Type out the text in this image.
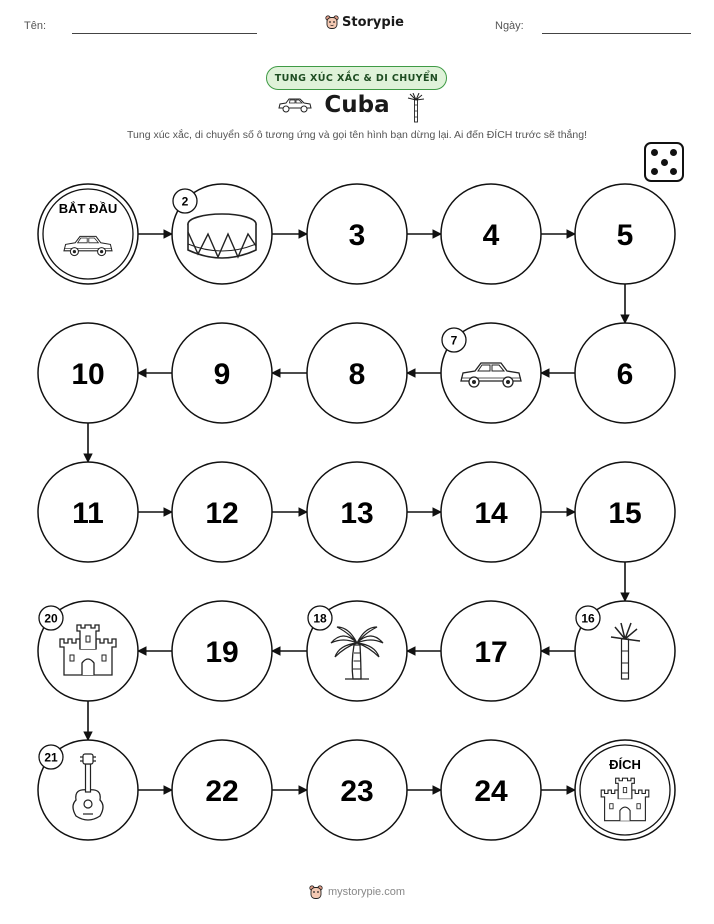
Tên:	Storypie	Ngày:
TUNG XÚC XẮC & DI CHUYỂN
Cuba
Tung xúc xắc, di chuyển số ô tương ứng và gọi tên hình bạn dừng lại. Ai đến ĐÍCH trước sẽ thắng!
BẮT ĐẦU	2
3	4	5
6
7
8
9
10
11	12	13	14	15
16
17
18
19
20
21
22	23	24
ĐÍCH
mystorypie.com
